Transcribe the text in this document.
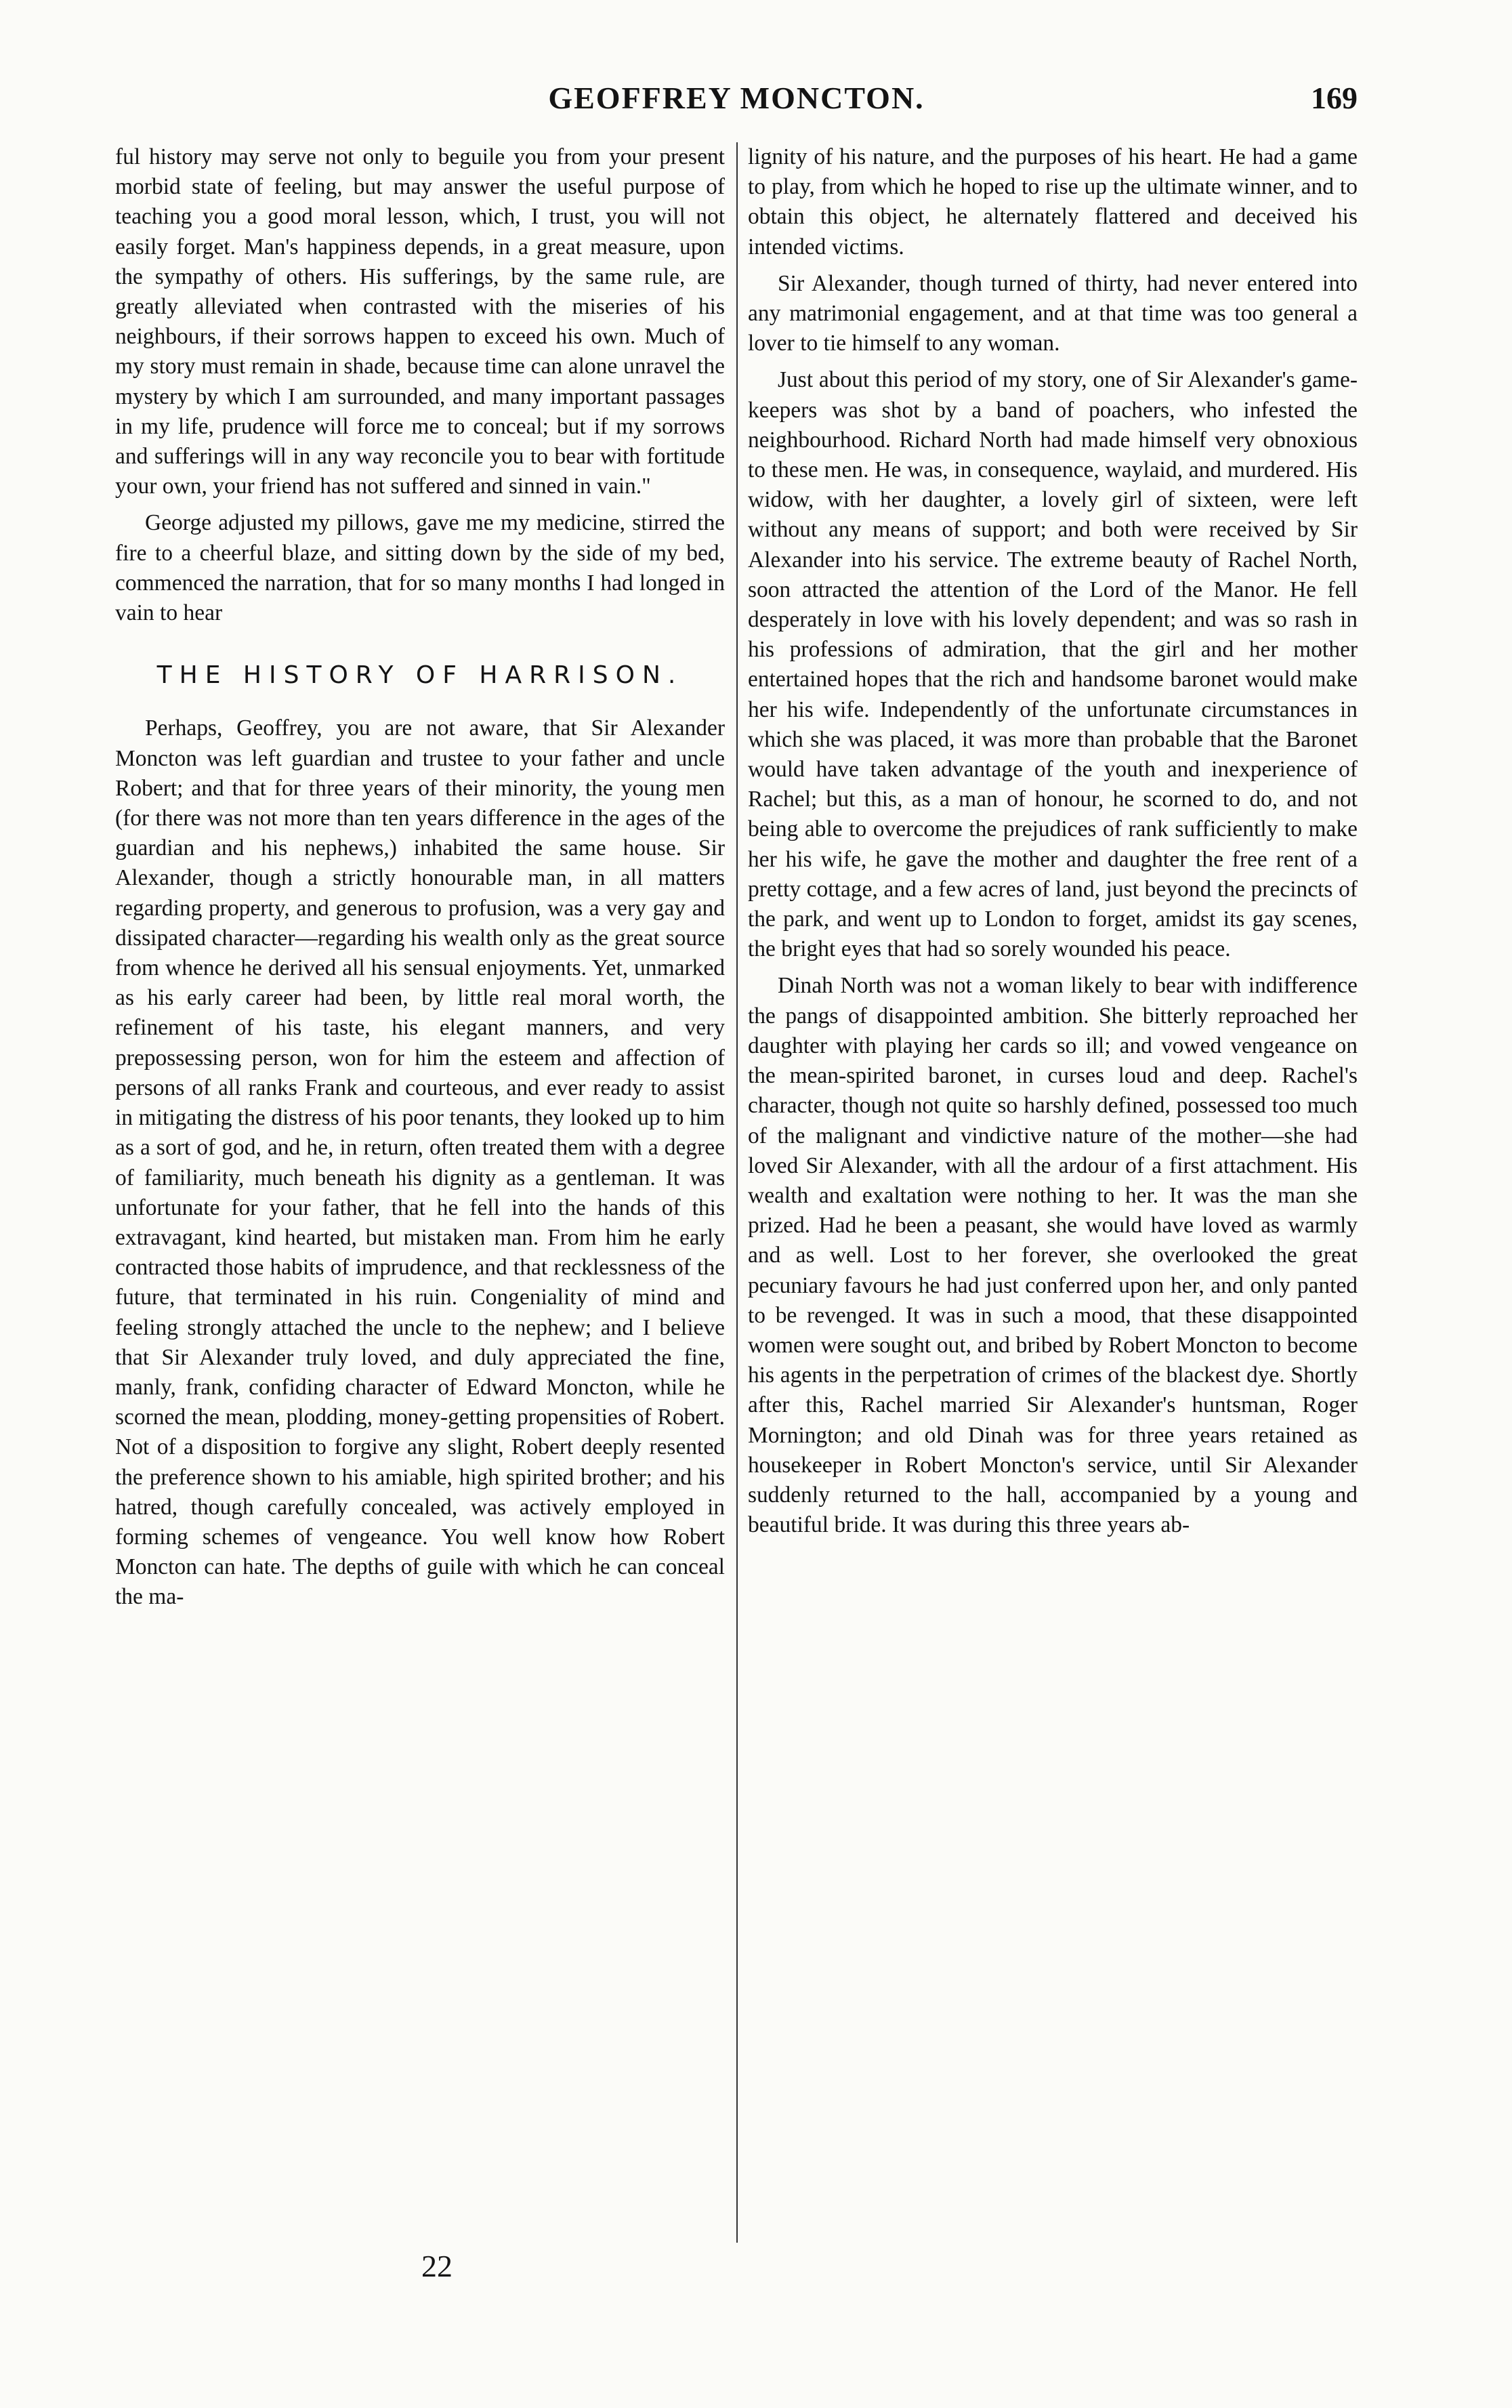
GEOFFREY MONCTON.	169

ful history may serve not only to beguile you from your present morbid state of feeling, but may answer the useful purpose of teaching you a good moral lesson, which, I trust, you will not easily forget. Man's happiness depends, in a great measure, upon the sympathy of others. His sufferings, by the same rule, are greatly alleviated when contrasted with the miseries of his neighbours, if their sorrows happen to exceed his own. Much of my story must remain in shade, because time can alone unravel the mystery by which I am surrounded, and many important passages in my life, prudence will force me to conceal; but if my sorrows and sufferings will in any way reconcile you to bear with fortitude your own, your friend has not suffered and sinned in vain."

George adjusted my pillows, gave me my medicine, stirred the fire to a cheerful blaze, and sitting down by the side of my bed, commenced the narration, that for so many months I had longed in vain to hear

THE HISTORY OF HARRISON.

Perhaps, Geoffrey, you are not aware, that Sir Alexander Moncton was left guardian and trustee to your father and uncle Robert; and that for three years of their minority, the young men (for there was not more than ten years difference in the ages of the guardian and his nephews,) inhabited the same house. Sir Alexander, though a strictly honourable man, in all matters regarding property, and generous to profusion, was a very gay and dissipated character—regarding his wealth only as the great source from whence he derived all his sensual enjoyments. Yet, unmarked as his early career had been, by little real moral worth, the refinement of his taste, his elegant manners, and very prepossessing person, won for him the esteem and affection of persons of all ranks Frank and courteous, and ever ready to assist in mitigating the distress of his poor tenants, they looked up to him as a sort of god, and he, in return, often treated them with a degree of familiarity, much beneath his dignity as a gentleman. It was unfortunate for your father, that he fell into the hands of this extravagant, kind hearted, but mistaken man. From him he early contracted those habits of imprudence, and that recklessness of the future, that terminated in his ruin. Congeniality of mind and feeling strongly attached the uncle to the nephew; and I believe that Sir Alexander truly loved, and duly appreciated the fine, manly, frank, confiding character of Edward Moncton, while he scorned the mean, plodding, money-getting propensities of Robert. Not of a disposition to forgive any slight, Robert deeply resented the preference shown to his amiable, high spirited brother; and his hatred, though carefully concealed, was actively employed in forming schemes of vengeance. You well know how Robert Moncton can hate. The depths of guile with which he can conceal the ma-

lignity of his nature, and the purposes of his heart. He had a game to play, from which he hoped to rise up the ultimate winner, and to obtain this object, he alternately flattered and deceived his intended victims.

Sir Alexander, though turned of thirty, had never entered into any matrimonial engagement, and at that time was too general a lover to tie himself to any woman.

Just about this period of my story, one of Sir Alexander's game-keepers was shot by a band of poachers, who infested the neighbourhood. Richard North had made himself very obnoxious to these men. He was, in consequence, waylaid, and murdered. His widow, with her daughter, a lovely girl of sixteen, were left without any means of support; and both were received by Sir Alexander into his service. The extreme beauty of Rachel North, soon attracted the attention of the Lord of the Manor. He fell desperately in love with his lovely dependent; and was so rash in his professions of admiration, that the girl and her mother entertained hopes that the rich and handsome baronet would make her his wife. Independently of the unfortunate circumstances in which she was placed, it was more than probable that the Baronet would have taken advantage of the youth and inexperience of Rachel; but this, as a man of honour, he scorned to do, and not being able to overcome the prejudices of rank sufficiently to make her his wife, he gave the mother and daughter the free rent of a pretty cottage, and a few acres of land, just beyond the precincts of the park, and went up to London to forget, amidst its gay scenes, the bright eyes that had so sorely wounded his peace.

Dinah North was not a woman likely to bear with indifference the pangs of disappointed ambition. She bitterly reproached her daughter with playing her cards so ill; and vowed vengeance on the mean-spirited baronet, in curses loud and deep. Rachel's character, though not quite so harshly defined, possessed too much of the malignant and vindictive nature of the mother—she had loved Sir Alexander, with all the ardour of a first attachment. His wealth and exaltation were nothing to her. It was the man she prized. Had he been a peasant, she would have loved as warmly and as well. Lost to her forever, she overlooked the great pecuniary favours he had just conferred upon her, and only panted to be revenged. It was in such a mood, that these disappointed women were sought out, and bribed by Robert Moncton to become his agents in the perpetration of crimes of the blackest dye. Shortly after this, Rachel married Sir Alexander's huntsman, Roger Mornington; and old Dinah was for three years retained as housekeeper in Robert Moncton's service, until Sir Alexander suddenly returned to the hall, accompanied by a young and beautiful bride. It was during this three years ab-

22
